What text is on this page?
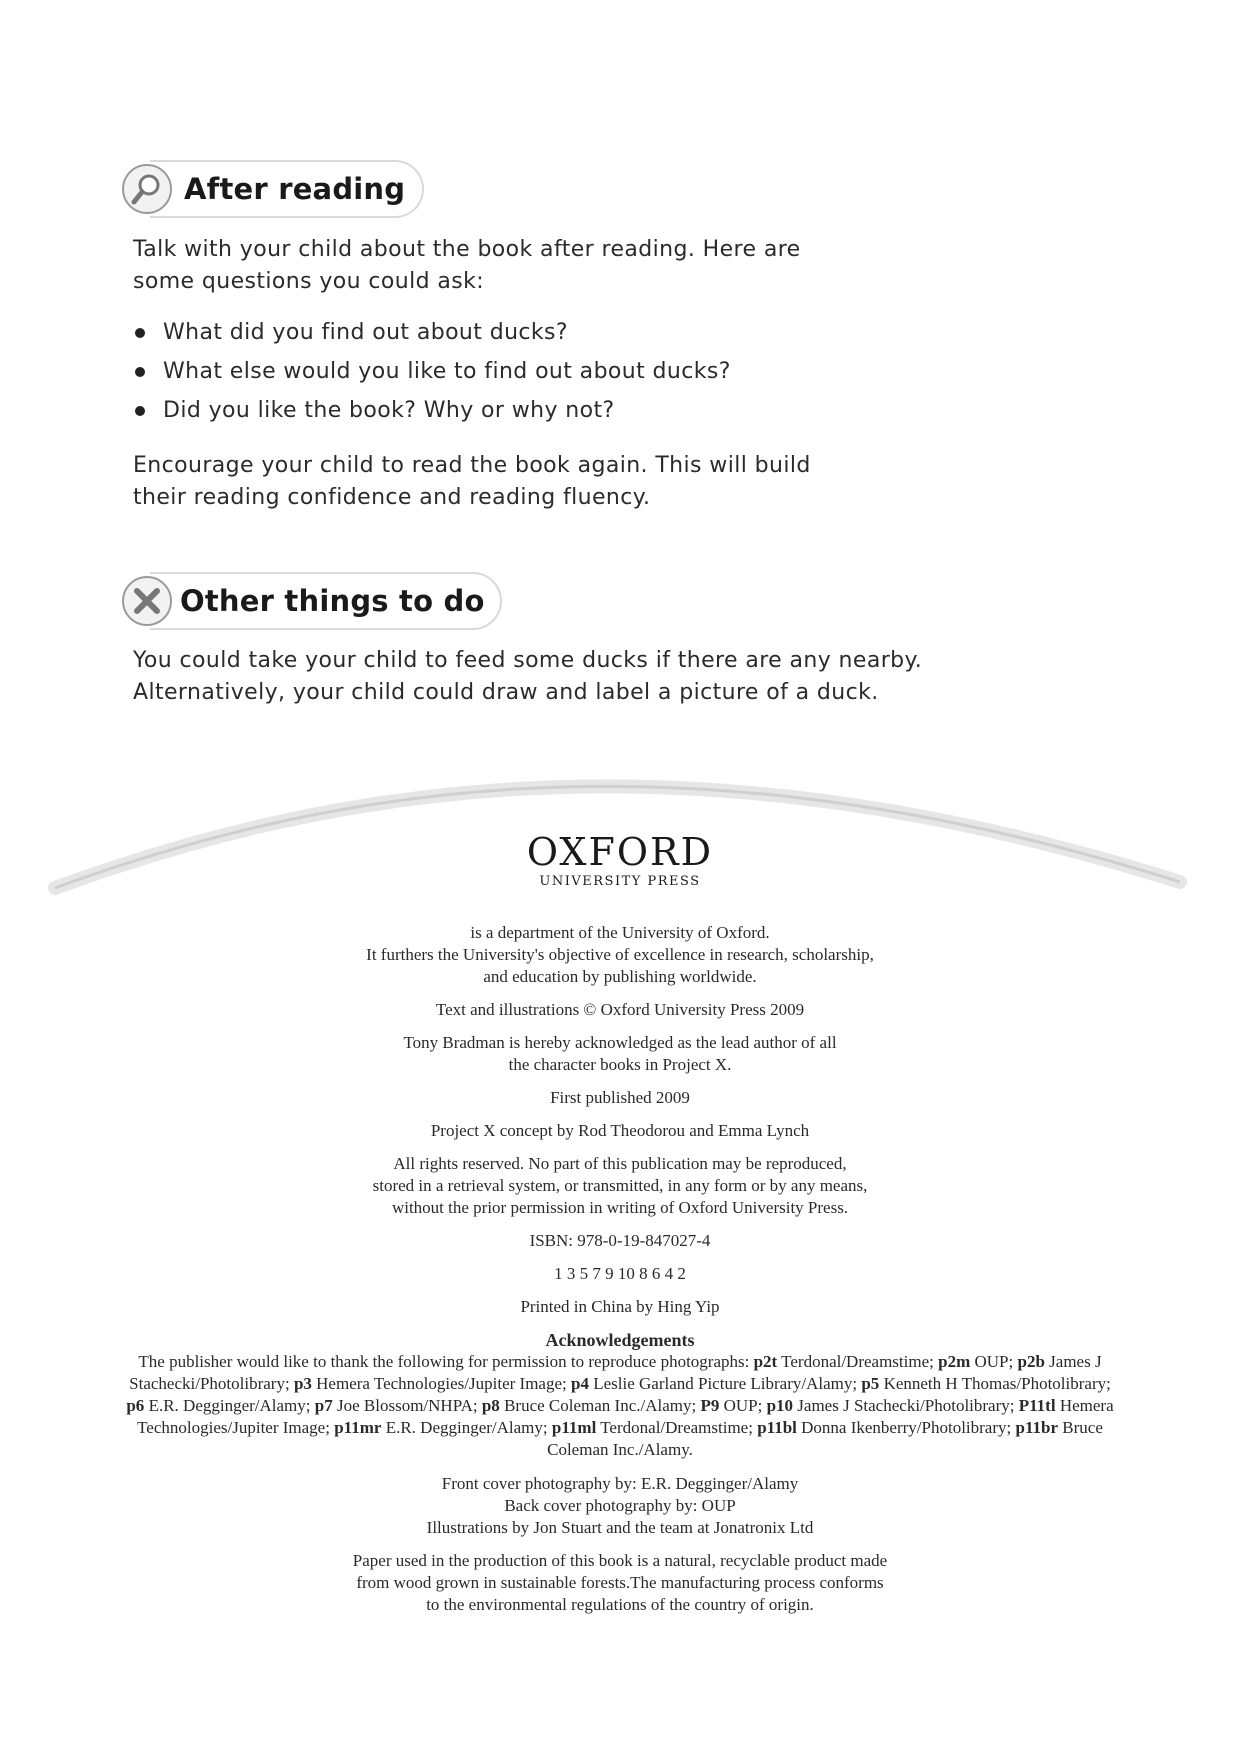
After reading

Talk with your child about the book after reading. Here are
some questions you could ask:

What did you find out about ducks?
What else would you like to find out about ducks?
Did you like the book? Why or why not?

Encourage your child to read the book again. This will build
their reading confidence and reading fluency.

Other things to do

You could take your child to feed some ducks if there are any nearby.
Alternatively, your child could draw and label a picture of a duck.

OXFORD
UNIVERSITY PRESS

is a department of the University of Oxford.
It furthers the University's objective of excellence in research, scholarship,
and education by publishing worldwide.

Text and illustrations © Oxford University Press 2009

Tony Bradman is hereby acknowledged as the lead author of all
the character books in Project X.

First published 2009

Project X concept by Rod Theodorou and Emma Lynch

All rights reserved. No part of this publication may be reproduced,
stored in a retrieval system, or transmitted, in any form or by any means,
without the prior permission in writing of Oxford University Press.

ISBN: 978-0-19-847027-4

1 3 5 7 9 10 8 6 4 2

Printed in China by Hing Yip

Acknowledgements

The publisher would like to thank the following for permission to reproduce photographs: p2t Terdonal/Dreamstime; p2m OUP; p2b James J Stachecki/Photolibrary; p3 Hemera Technologies/Jupiter Image; p4 Leslie Garland Picture Library/Alamy; p5 Kenneth H Thomas/Photolibrary; p6 E.R. Degginger/Alamy; p7 Joe Blossom/NHPA; p8 Bruce Coleman Inc./Alamy; P9 OUP; p10 James J Stachecki/Photolibrary; P11tl Hemera Technologies/Jupiter Image; p11mr E.R. Degginger/Alamy; p11ml Terdonal/Dreamstime; p11bl Donna Ikenberry/Photolibrary; p11br Bruce Coleman Inc./Alamy.

Front cover photography by: E.R. Degginger/Alamy
Back cover photography by: OUP
Illustrations by Jon Stuart and the team at Jonatronix Ltd

Paper used in the production of this book is a natural, recyclable product made
from wood grown in sustainable forests.The manufacturing process conforms
to the environmental regulations of the country of origin.
